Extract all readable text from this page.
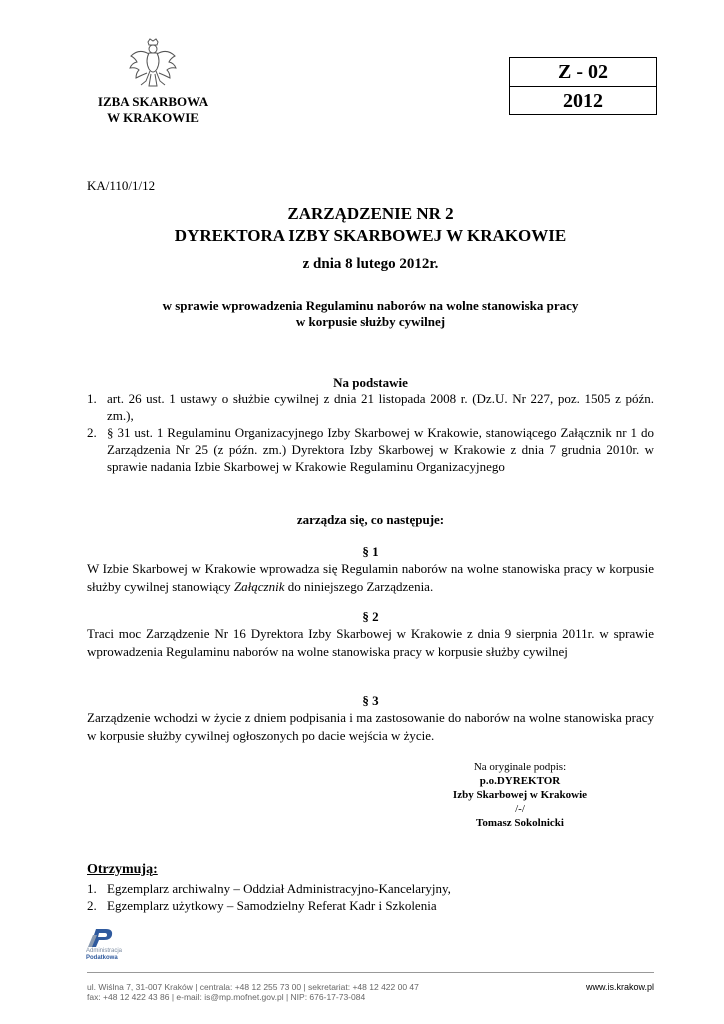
IZBA SKARBOWA
W KRAKOWIE
Z - 02
2012
KA/110/1/12
ZARZĄDZENIE NR 2
DYREKTORA IZBY SKARBOWEJ W KRAKOWIE
z dnia 8 lutego 2012r.
w sprawie wprowadzenia Regulaminu naborów na wolne stanowiska pracy
w korpusie służby cywilnej
Na podstawie
1. art. 26 ust. 1 ustawy o służbie cywilnej z dnia 21 listopada 2008 r. (Dz.U. Nr 227, poz. 1505 z późn. zm.),
2. § 31 ust. 1 Regulaminu Organizacyjnego Izby Skarbowej w Krakowie, stanowiącego Załącznik nr 1 do Zarządzenia Nr 25 (z późn. zm.) Dyrektora Izby Skarbowej w Krakowie z dnia 7 grudnia 2010r. w sprawie nadania Izbie Skarbowej w Krakowie Regulaminu Organizacyjnego
zarządza się, co następuje:
§ 1
W Izbie Skarbowej w Krakowie wprowadza się Regulamin naborów na wolne stanowiska pracy w korpusie służby cywilnej stanowiący Załącznik do niniejszego Zarządzenia.
§ 2
Traci moc Zarządzenie Nr 16 Dyrektora Izby Skarbowej w Krakowie z dnia 9 sierpnia 2011r. w sprawie wprowadzenia Regulaminu naborów na wolne stanowiska pracy w korpusie służby cywilnej
§ 3
Zarządzenie wchodzi w życie z dniem podpisania i ma zastosowanie do naborów na wolne stanowiska pracy w korpusie służby cywilnej ogłoszonych po dacie wejścia w życie.
Na oryginale podpis:
p.o.DYREKTOR
Izby Skarbowej w Krakowie
/-/
Tomasz Sokolnicki
Otrzymują:
1. Egzemplarz archiwalny – Oddział Administracyjno-Kancelaryjny,
2. Egzemplarz użytkowy – Samodzielny Referat Kadr i Szkolenia
Administracja
Podatkowa
ul. Wiślna 7, 31-007 Kraków | centrala: +48 12 255 73 00 | sekretariat: +48 12 422 00 47
fax: +48 12 422 43 86 | e-mail: is@mp.mofnet.gov.pl | NIP: 676-17-73-084
www.is.krakow.pl
